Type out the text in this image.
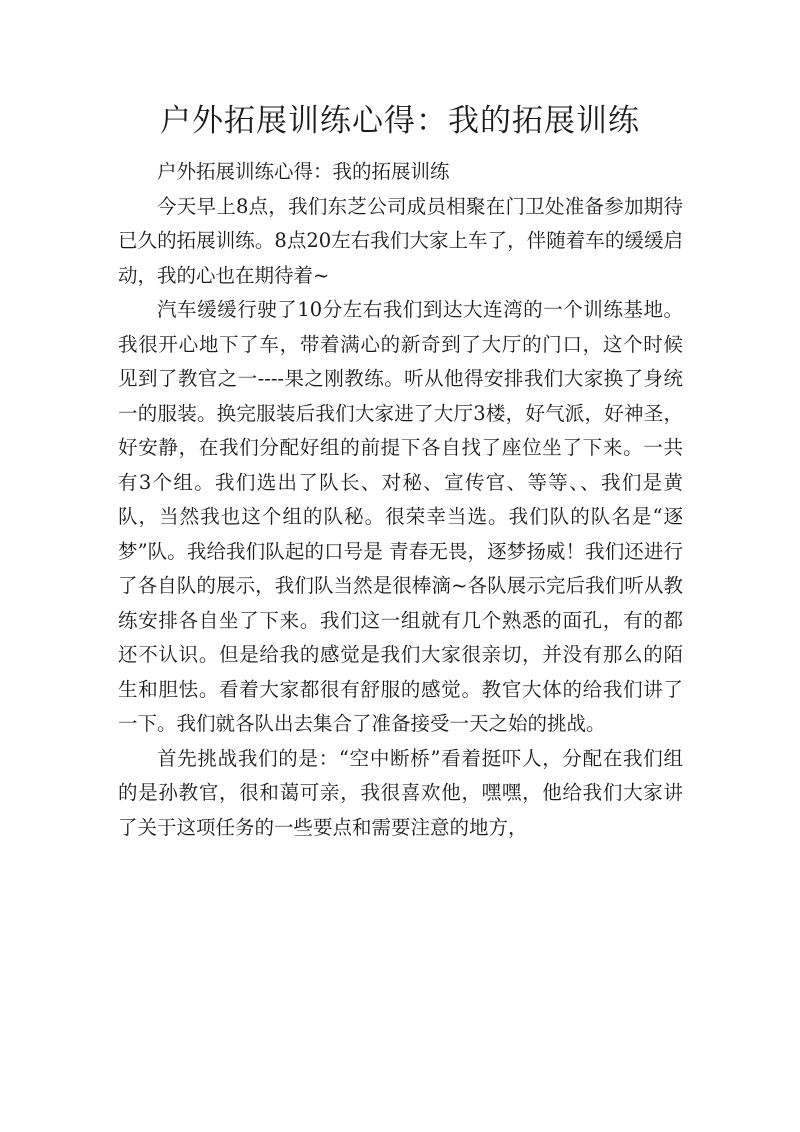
户外拓展训练心得：我的拓展训练

户外拓展训练心得：我的拓展训练

今天早上8点，我们东芝公司成员相聚在门卫处准备参加期待已久的拓展训练。8点20左右我们大家上车了，伴随着车的缓缓启动，我的心也在期待着~

汽车缓缓行驶了10分左右我们到达大连湾的一个训练基地。我很开心地下了车，带着满心的新奇到了大厅的门口，这个时候见到了教官之一----果之刚教练。听从他得安排我们大家换了身统一的服装。换完服装后我们大家进了大厅3楼，好气派，好神圣，好安静，在我们分配好组的前提下各自找了座位坐了下来。一共有3个组。我们选出了队长、对秘、宣传官、等等、、我们是黄队，当然我也这个组的队秘。很荣幸当选。我们队的队名是“逐梦”队。我给我们队起的口号是 青春无畏，逐梦扬威！我们还进行了各自队的展示，我们队当然是很棒滴~各队展示完后我们听从教练安排各自坐了下来。我们这一组就有几个熟悉的面孔，有的都还不认识。但是给我的感觉是我们大家很亲切，并没有那么的陌生和胆怯。看着大家都很有舒服的感觉。教官大体的给我们讲了一下。我们就各队出去集合了准备接受一天之始的挑战。

首先挑战我们的是：“空中断桥”看着挺吓人，分配在我们组的是孙教官，很和蔼可亲，我很喜欢他，嘿嘿，他给我们大家讲了关于这项任务的一些要点和需要注意的地方，
